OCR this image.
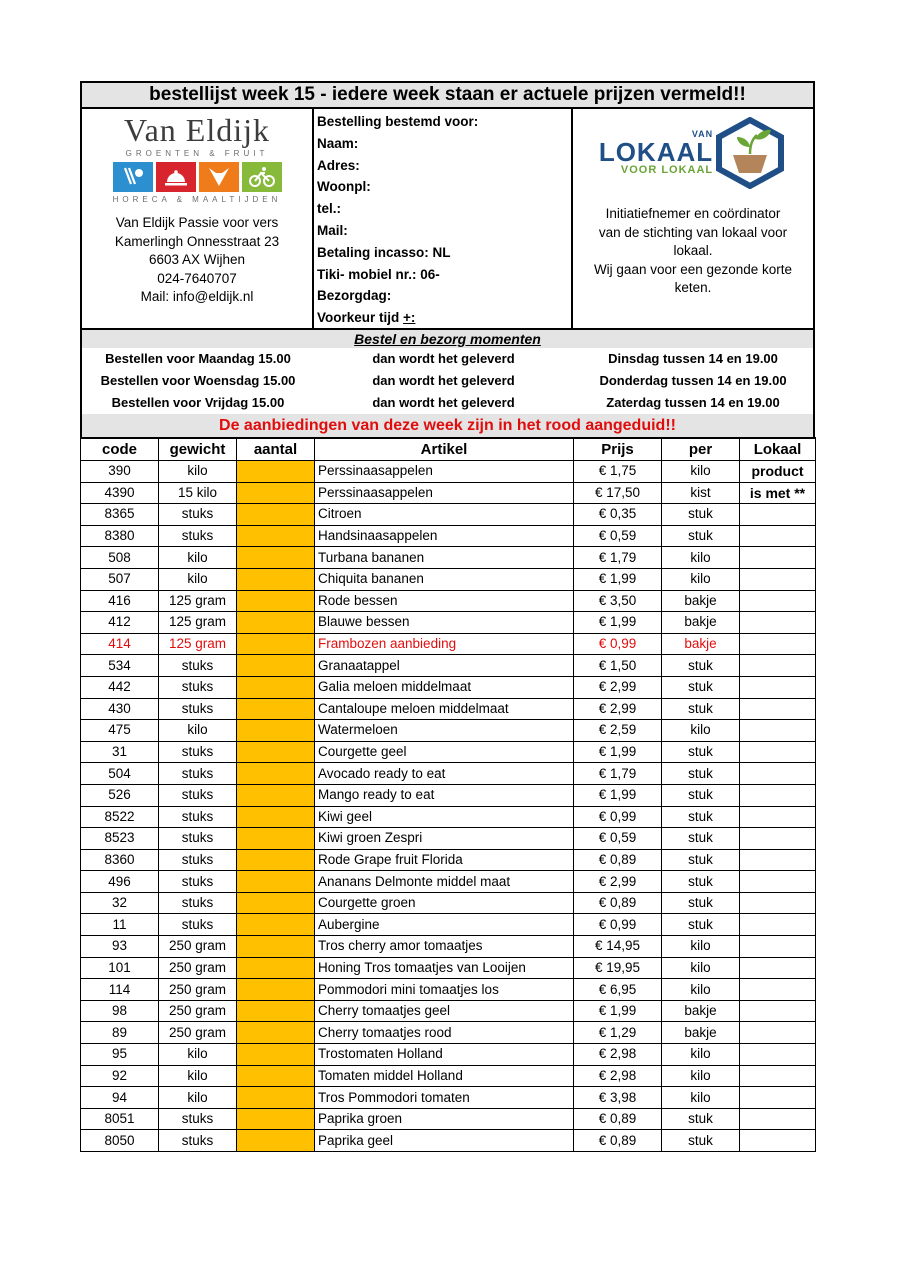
bestellijst week 15 - iedere week staan er actuele prijzen vermeld!!
Van Eldijk
GROENTEN & FRUIT
HORECA & MAALTIJDEN
Van Eldijk Passie voor vers
Kamerlingh Onnesstraat 23
6603 AX Wijhen
024-7640707
Mail: info@eldijk.nl
Bestelling bestemd voor:
Naam:
Adres:
Woonpl:
tel.:
Mail:
Betaling incasso: NL
Tiki- mobiel nr.: 06-
Bezorgdag:
Voorkeur tijd +:
VAN
LOKAAL
VOOR LOKAAL
Initiatiefnemer en coördinator
van de stichting van lokaal voor
lokaal.
Wij gaan voor een gezonde korte
keten.
Bestel en bezorg momenten
Bestellen voor Maandag 15.00	dan wordt het geleverd	Dinsdag tussen 14 en 19.00
Bestellen voor Woensdag 15.00	dan wordt het geleverd	Donderdag tussen 14 en 19.00
Bestellen voor Vrijdag 15.00	dan wordt het geleverd	Zaterdag tussen 14 en 19.00
De aanbiedingen van deze week zijn in het rood aangeduid!!
code	gewicht	aantal	Artikel	Prijs	per	Lokaal
390	kilo		Perssinaasappelen	€ 1,75	kilo	product
4390	15 kilo		Perssinaasappelen	€ 17,50	kist	is met **
8365	stuks		Citroen	€ 0,35	stuk	
8380	stuks		Handsinaasappelen	€ 0,59	stuk	
508	kilo		Turbana bananen	€ 1,79	kilo	
507	kilo		Chiquita bananen	€ 1,99	kilo	
416	125 gram		Rode bessen	€ 3,50	bakje	
412	125 gram		Blauwe bessen	€ 1,99	bakje	
414	125 gram		Frambozen aanbieding	€ 0,99	bakje	
534	stuks		Granaatappel	€ 1,50	stuk	
442	stuks		Galia meloen middelmaat	€ 2,99	stuk	
430	stuks		Cantaloupe meloen middelmaat	€ 2,99	stuk	
475	kilo		Watermeloen	€ 2,59	kilo	
31	stuks		Courgette geel	€ 1,99	stuk	
504	stuks		Avocado ready to eat	€ 1,79	stuk	
526	stuks		Mango ready to eat	€ 1,99	stuk	
8522	stuks		Kiwi geel	€ 0,99	stuk	
8523	stuks		Kiwi groen Zespri	€ 0,59	stuk	
8360	stuks		Rode Grape fruit Florida	€ 0,89	stuk	
496	stuks		Ananans Delmonte middel maat	€ 2,99	stuk	
32	stuks		Courgette groen	€ 0,89	stuk	
11	stuks		Aubergine	€ 0,99	stuk	
93	250 gram		Tros cherry amor tomaatjes	€ 14,95	kilo	
101	250 gram		Honing Tros tomaatjes van Looijen	€ 19,95	kilo	
114	250 gram		Pommodori mini tomaatjes los	€ 6,95	kilo	
98	250 gram		Cherry tomaatjes geel	€ 1,99	bakje	
89	250 gram		Cherry tomaatjes rood	€ 1,29	bakje	
95	kilo		Trostomaten Holland	€ 2,98	kilo	
92	kilo		Tomaten middel Holland	€ 2,98	kilo	
94	kilo		Tros Pommodori tomaten	€ 3,98	kilo	
8051	stuks		Paprika groen	€ 0,89	stuk	
8050	stuks		Paprika geel	€ 0,89	stuk	
